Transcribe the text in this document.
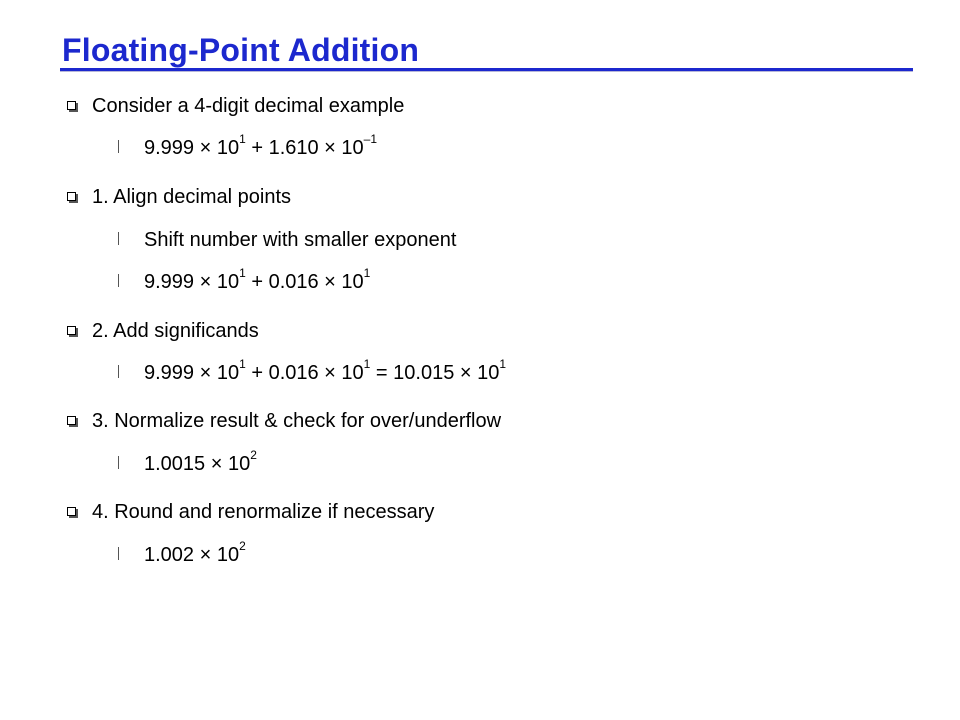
Floating-Point Addition
Consider a 4-digit decimal example
$9.999 \times 10^1 + 1.610 \times 10^{-1}$
1. Align decimal points
Shift number with smaller exponent
$9.999 \times 10^1 + 0.016 \times 10^1$
2. Add significands
$9.999 \times 10^1 + 0.016 \times 10^1 = 10.015 \times 10^1$
3. Normalize result & check for over/underflow
$1.0015 \times 10^2$
4. Round and renormalize if necessary
$1.002 \times 10^2$
